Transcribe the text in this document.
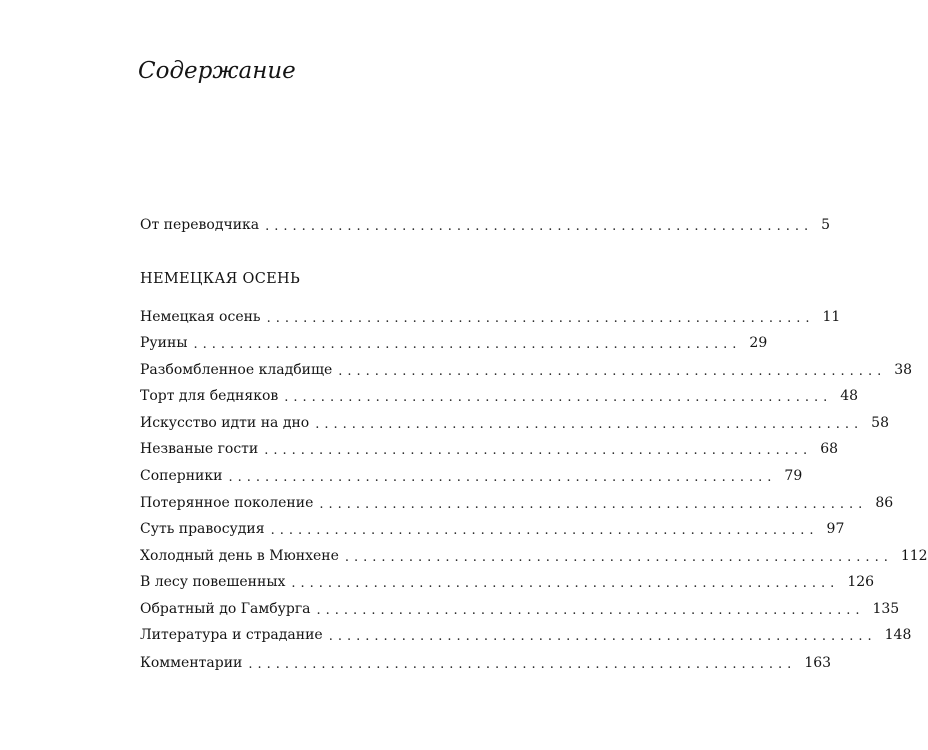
Содержание
От переводчика ............................................................ 5
НЕМЕЦКАЯ ОСЕНЬ
Немецкая осень ............................................................ 11
Руины ............................................................ 29
Разбомбленное кладбище ............................................................ 38
Торт для бедняков ............................................................ 48
Искусство идти на дно ............................................................ 58
Незваные гости ............................................................ 68
Соперники ............................................................ 79
Потерянное поколение ............................................................ 86
Суть правосудия ............................................................ 97
Холодный день в Мюнхене ............................................................ 112
В лесу повешенных ............................................................ 126
Обратный до Гамбурга ............................................................ 135
Литература и страдание ............................................................ 148
Комментарии ............................................................ 163
